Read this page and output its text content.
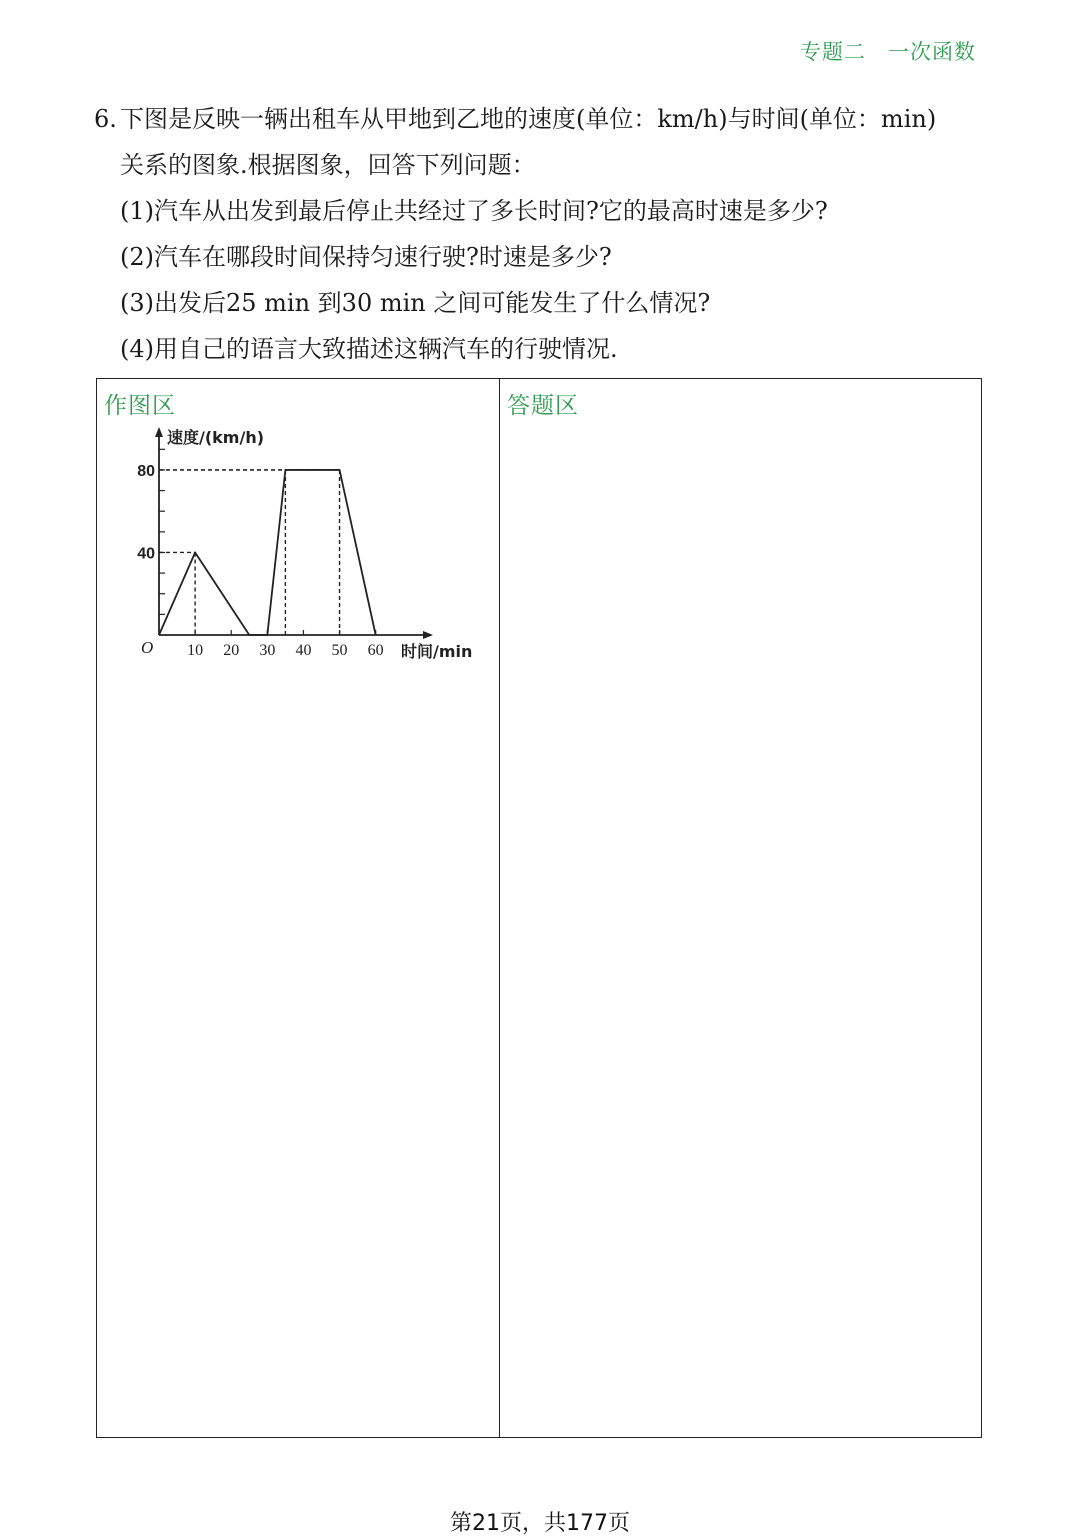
专题二　一次函数
6. 下图是反映一辆出租车从甲地到乙地的速度(单位：km/h)与时间(单位：min)
关系的图象.根据图象，回答下列问题：
(1)汽车从出发到最后停止共经过了多长时间?它的最高时速是多少?
(2)汽车在哪段时间保持匀速行驶?时速是多少?
(3)出发后25 min 到30 min 之间可能发生了什么情况?
(4)用自己的语言大致描述这辆汽车的行驶情况.
作图区
10 20 30 40 50 60
40
80
O
速度/(km/h)
时间/min
答题区
第21页，共177页
